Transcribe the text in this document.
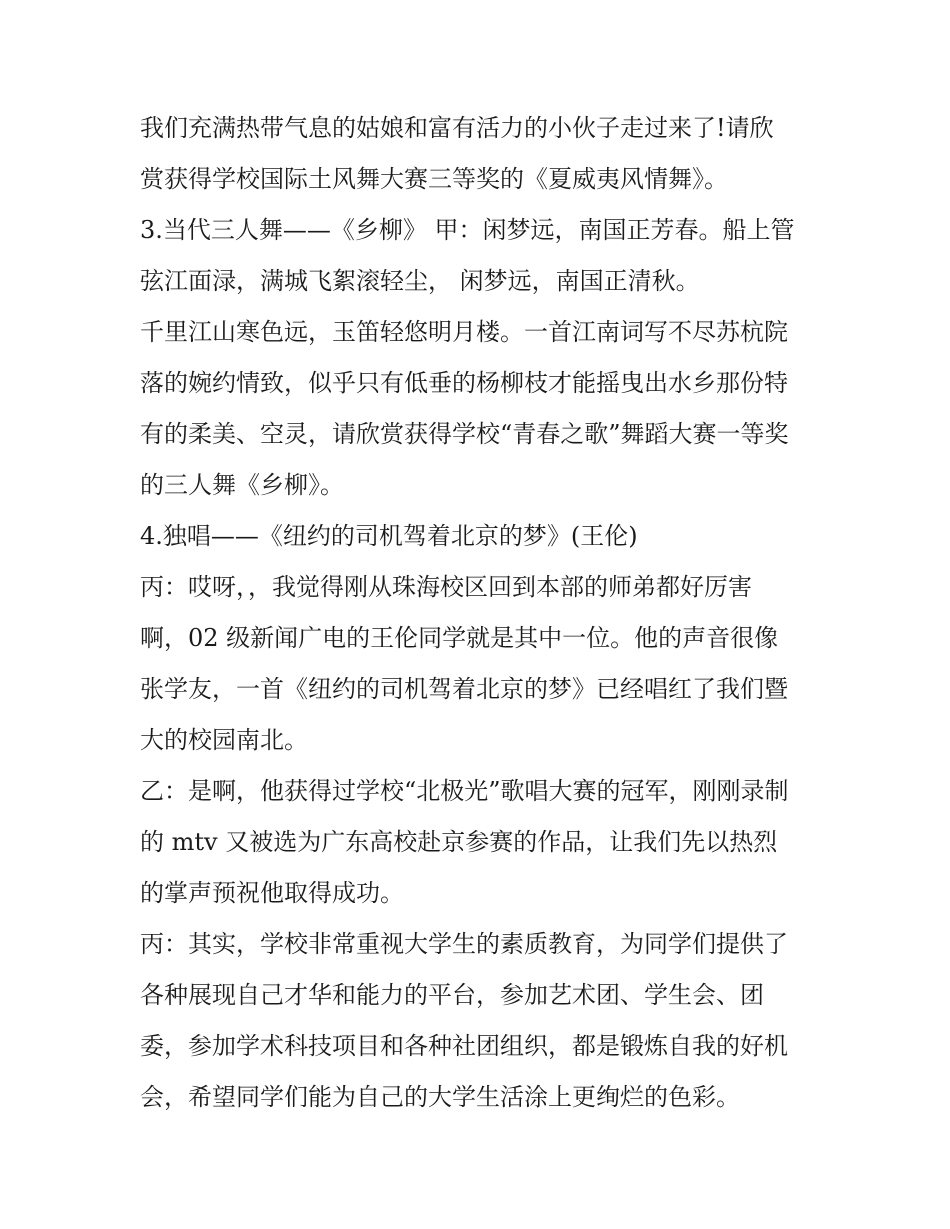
我们充满热带气息的姑娘和富有活力的小伙子走过来了!请欣
赏获得学校国际土风舞大赛三等奖的《夏威夷风情舞》。
3.当代三人舞——《乡柳》 甲：闲梦远，南国正芳春。船上管
弦江面渌，满城飞絮滚轻尘， 闲梦远，南国正清秋。
千里江山寒色远，玉笛轻悠明月楼。一首江南词写不尽苏杭院
落的婉约情致，似乎只有低垂的杨柳枝才能摇曳出水乡那份特
有的柔美、空灵，请欣赏获得学校“青春之歌”舞蹈大赛一等奖
的三人舞《乡柳》。
4.独唱——《纽约的司机驾着北京的梦》(王伦)
丙：哎呀，，我觉得刚从珠海校区回到本部的师弟都好厉害
啊，02 级新闻广电的王伦同学就是其中一位。他的声音很像
张学友，一首《纽约的司机驾着北京的梦》已经唱红了我们暨
大的校园南北。
乙：是啊，他获得过学校“北极光”歌唱大赛的冠军，刚刚录制
的 mtv 又被选为广东高校赴京参赛的作品，让我们先以热烈
的掌声预祝他取得成功。
丙：其实，学校非常重视大学生的素质教育，为同学们提供了
各种展现自己才华和能力的平台，参加艺术团、学生会、团
委，参加学术科技项目和各种社团组织，都是锻炼自我的好机
会，希望同学们能为自己的大学生活涂上更绚烂的色彩。
